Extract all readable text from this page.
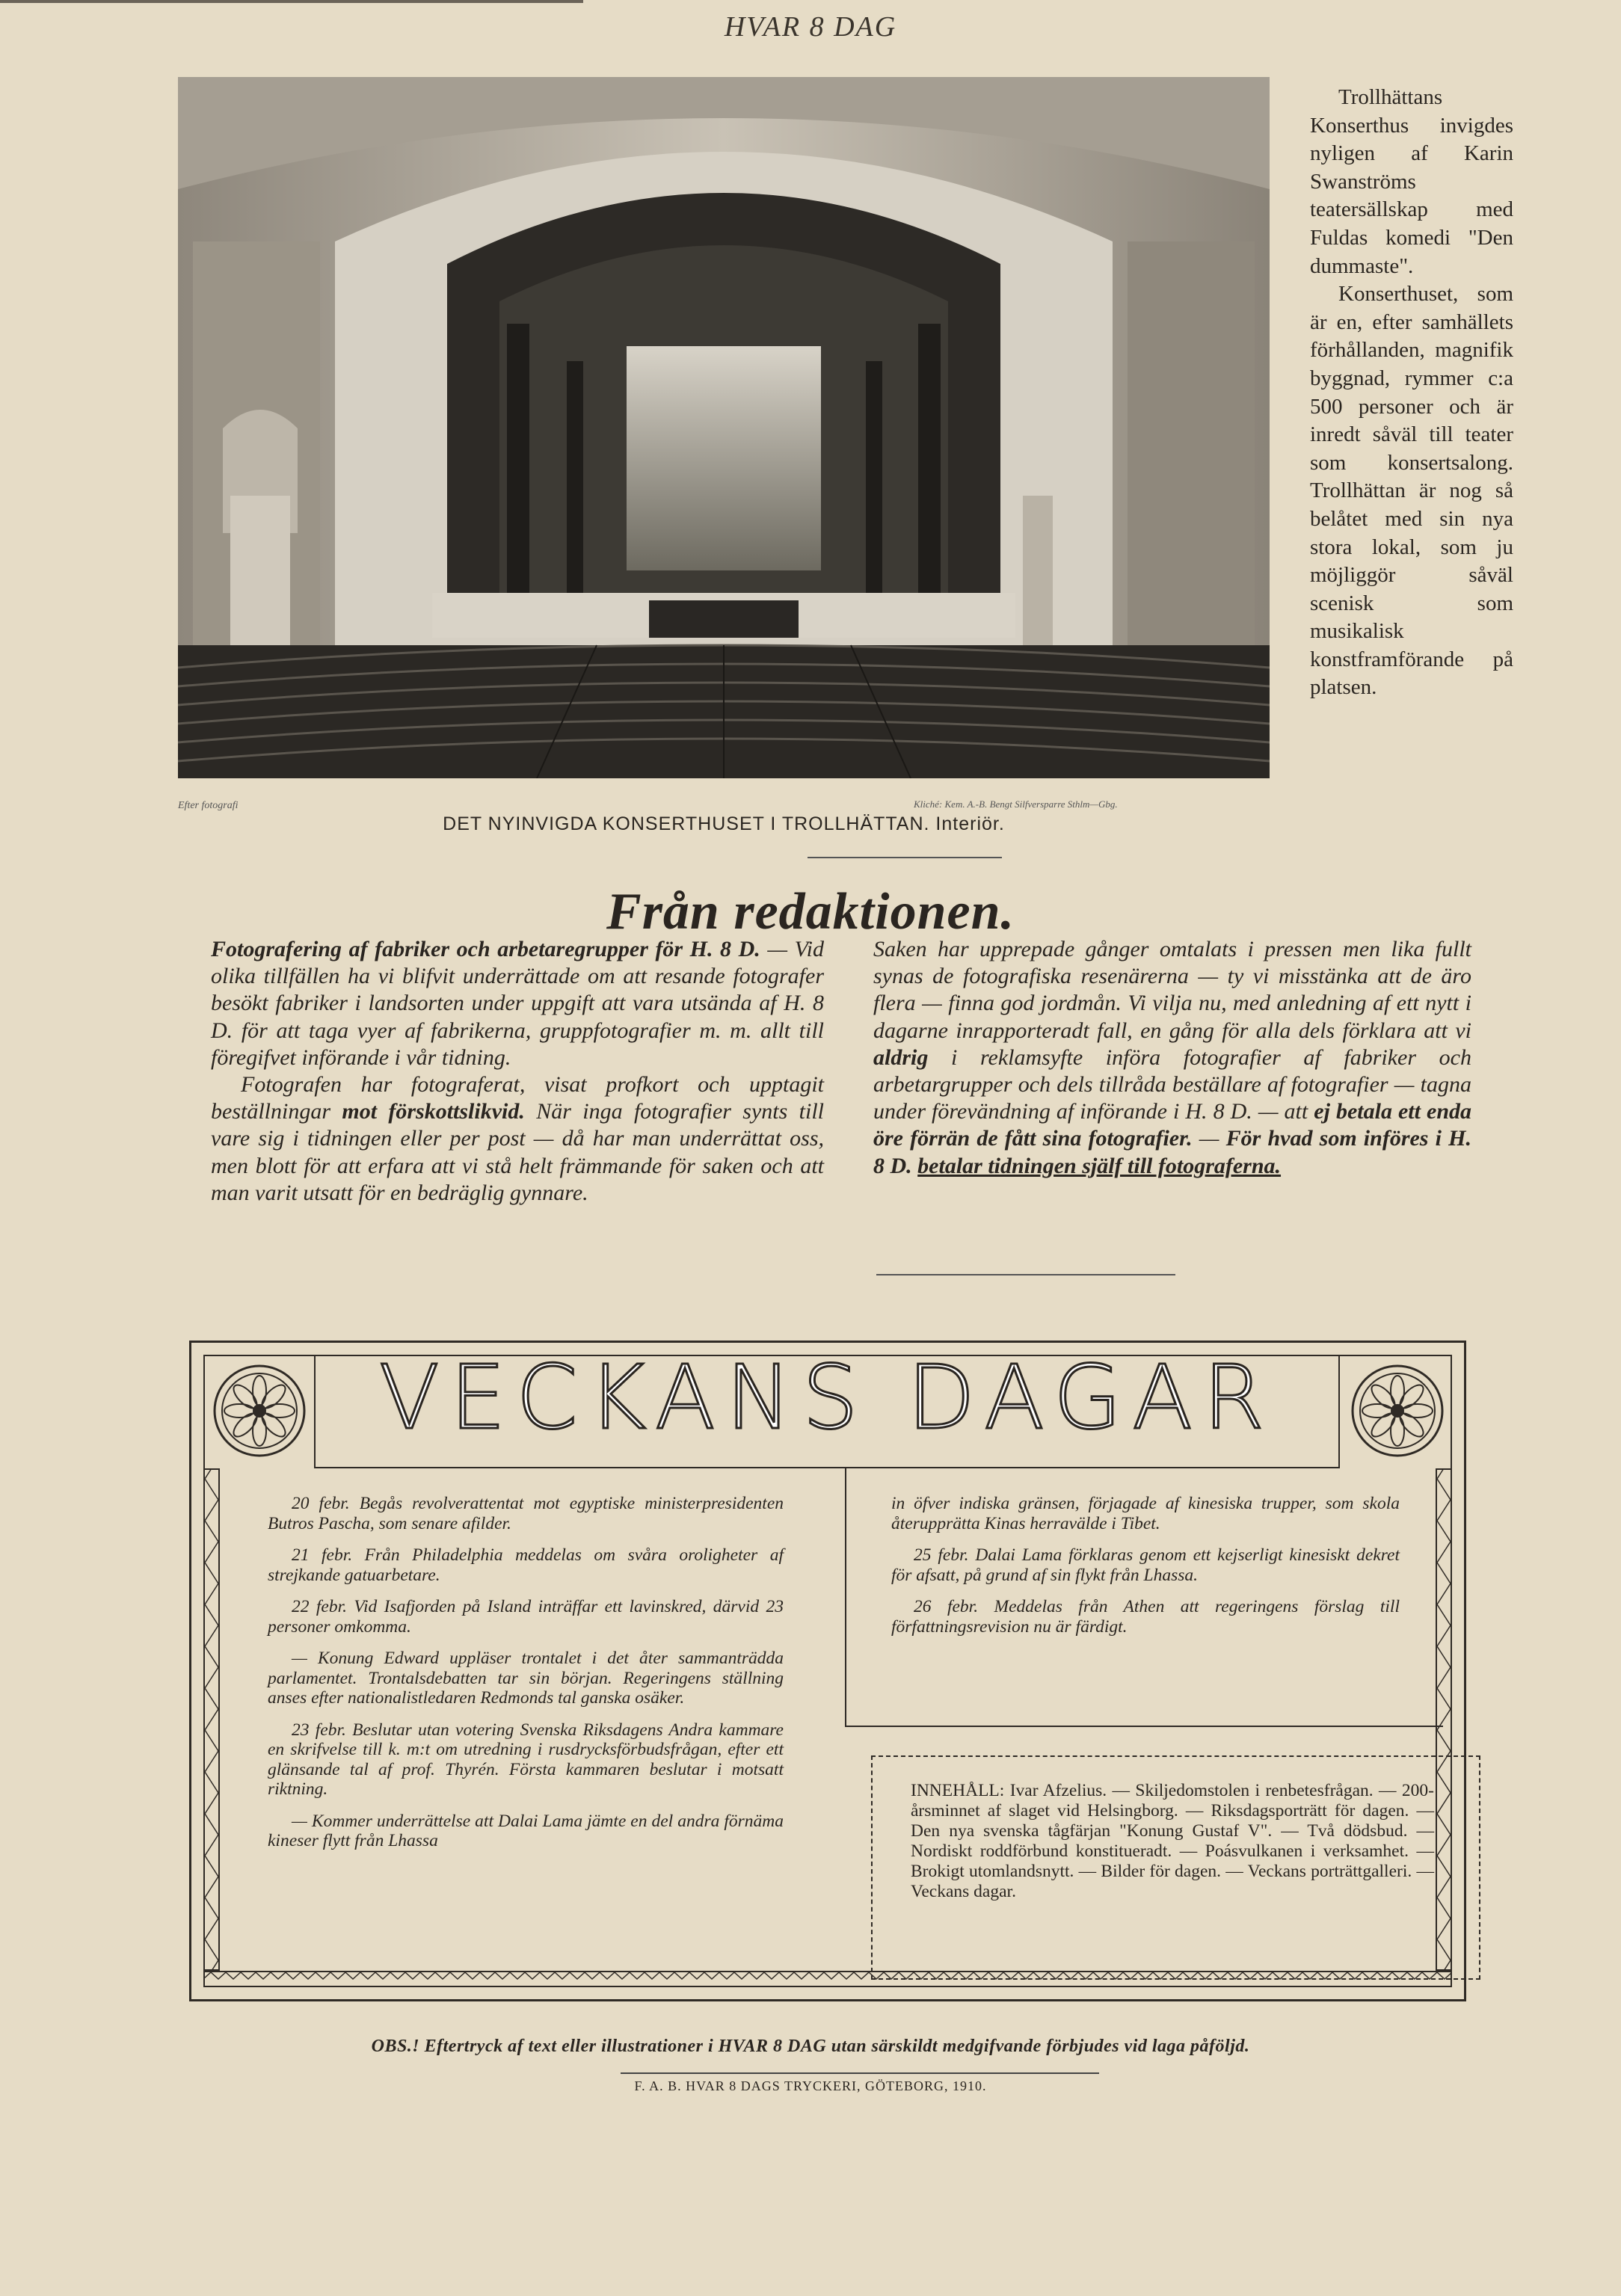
HVAR 8 DAG
Efter fotografi	Kliché: Kem. A.-B. Bengt Silfversparre Sthlm—Gbg.
DET NYINVIGDA KONSERTHUSET I TROLLHÄTTAN. Interiör.

Trollhättans Konserthus invigdes nyligen af Karin Swanströms teatersällskap med Fuldas komedi "Den dummaste".

Konserthuset, som är en, efter samhällets förhållanden, magnifik byggnad, rymmer c:a 500 personer och är inredt såväl till teater som konsertsalong. Trollhättan är nog så belåtet med sin nya stora lokal, som ju möjliggör såväl scenisk som musikalisk konstframförande på platsen.

Från redaktionen.

Fotografering af fabriker och arbetaregrupper för H. 8 D. — Vid olika tillfällen ha vi blifvit underrättade om att resande fotografer besökt fabriker i landsorten under uppgift att vara utsända af H. 8 D. för att taga vyer af fabrikerna, gruppfotografier m. m. allt till föregifvet införande i vår tidning.

Fotografen har fotograferat, visat profkort och upptagit beställningar mot förskottslikvid. När inga fotografier synts till vare sig i tidningen eller per post — då har man underrättat oss, men blott för att erfara att vi stå helt främmande för saken och att man varit utsatt för en bedräglig gynnare.

Saken har upprepade gånger omtalats i pressen men lika fullt synas de fotografiska resenärerna — ty vi misstänka att de äro flera — finna god jordmån. Vi vilja nu, med anledning af ett nytt i dagarne inrapporteradt fall, en gång för alla dels förklara att vi aldrig i reklamsyfte införa fotografier af fabriker och arbetargrupper och dels tillråda beställare af fotografier — tagna under förevändning af införande i H. 8 D. — att ej betala ett enda öre förrän de fått sina fotografier. — För hvad som införes i H. 8 D. betalar tidningen själf till fotograferna.

VECKANS DAGAR

20 febr. Begås revolverattentat mot egyptiske ministerpresidenten Butros Pascha, som senare afilder.

21 febr. Från Philadelphia meddelas om svåra oroligheter af strejkande gatuarbetare.

22 febr. Vid Isafjorden på Island inträffar ett lavinskred, därvid 23 personer omkomma.

— Konung Edward uppläser trontalet i det åter sammanträdda parlamentet. Trontalsdebatten tar sin början. Regeringens ställning anses efter nationalistledaren Redmonds tal ganska osäker.

23 febr. Beslutar utan votering Svenska Riksdagens Andra kammare en skrifvelse till k. m:t om utredning i rusdrycksförbudsfrågan, efter ett glänsande tal af prof. Thyrén. Första kammaren beslutar i motsatt riktning.

— Kommer underrättelse att Dalai Lama jämte en del andra förnäma kineser flytt från Lhassa

in öfver indiska gränsen, förjagade af kinesiska trupper, som skola återupprätta Kinas herravälde i Tibet.

25 febr. Dalai Lama förklaras genom ett kejserligt kinesiskt dekret för afsatt, på grund af sin flykt från Lhassa.

26 febr. Meddelas från Athen att regeringens förslag till författningsrevision nu är färdigt.

INNEHÅLL: Ivar Afzelius. — Skiljedomstolen i renbetesfrågan. — 200-årsminnet af slaget vid Helsingborg. — Riksdagsporträtt för dagen. — Den nya svenska tågfärjan "Konung Gustaf V". — Två dödsbud. — Nordiskt roddförbund konstitueradt. — Poásvulkanen i verksamhet. — Brokigt utomlandsnytt. — Bilder för dagen. — Veckans porträttgalleri. — Veckans dagar.
OBS.! Eftertryck af text eller illustrationer i HVAR 8 DAG utan särskildt medgifvande förbjudes vid laga påföljd.
F. A. B. HVAR 8 DAGS TRYCKERI, GÖTEBORG, 1910.
